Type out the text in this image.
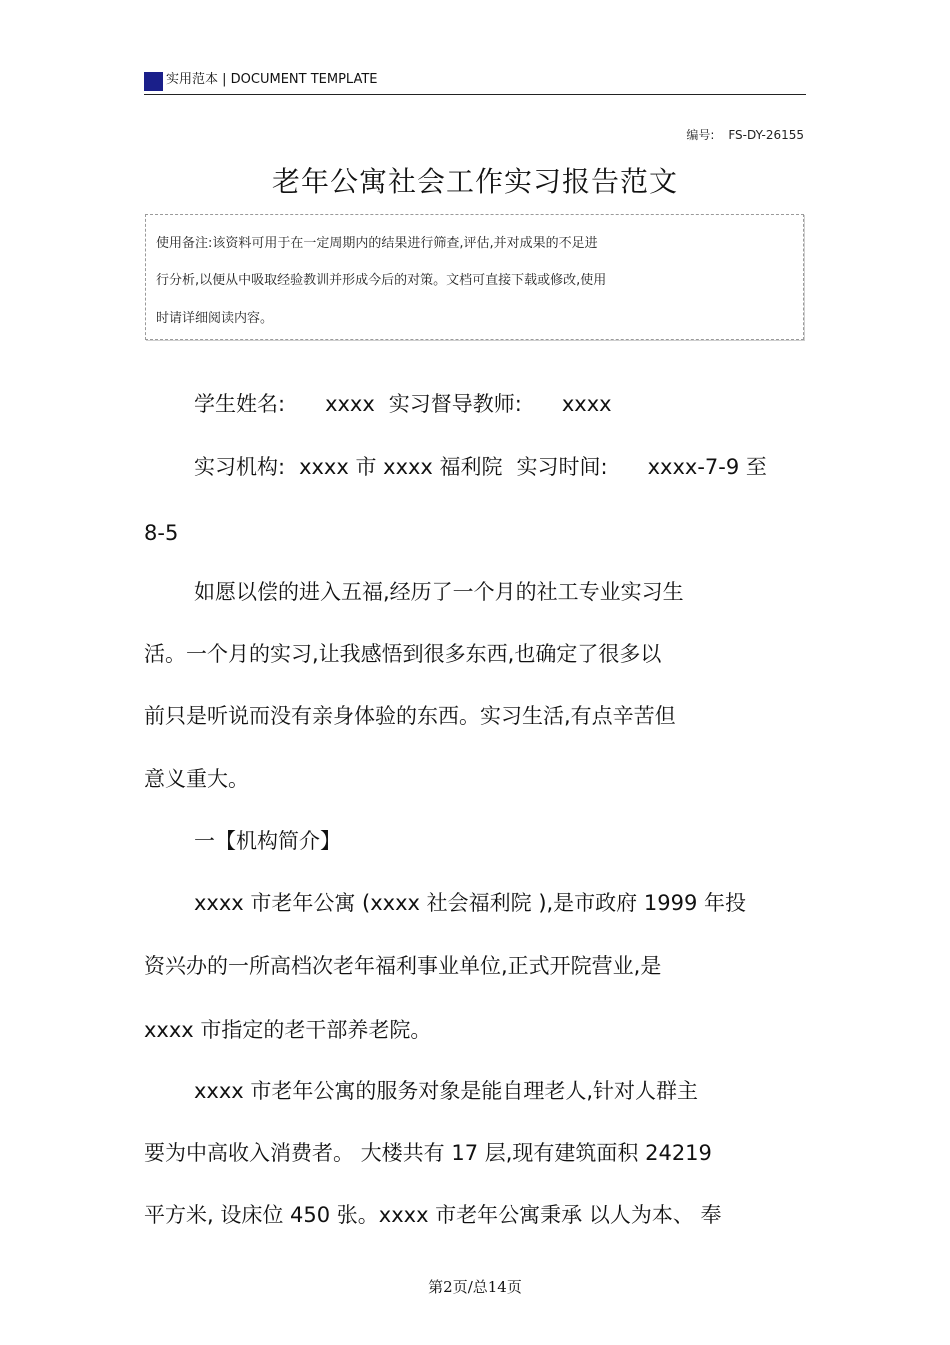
实用范本 | DOCUMENT TEMPLATE
编号: FS-DY-26155
老年公寓社会工作实习报告范文
使用备注:该资料可用于在一定周期内的结果进行筛查,评估,并对成果的不足进
行分析,以便从中吸取经验教训并形成今后的对策。文档可直接下载或修改,使用
时请详细阅读内容。
学生姓名: xxxx 实习督导教师: xxxx
实习机构: xxxx 市 xxxx 福利院 实习时间: xxxx-7-9 至
8-5
如愿以偿的进入五福,经历了一个月的社工专业实习生
活。一个月的实习,让我感悟到很多东西,也确定了很多以
前只是听说而没有亲身体验的东西。实习生活,有点辛苦但
意义重大。
一【机构简介】
xxxx 市老年公寓 (xxxx 社会福利院 ),是市政府 1999 年投
资兴办的一所高档次老年福利事业单位,正式开院营业,是
xxxx 市指定的老干部养老院。
xxxx 市老年公寓的服务对象是能自理老人,针对人群主
要为中高收入消费者。 大楼共有 17 层,现有建筑面积 24219
平方米, 设床位 450 张。xxxx 市老年公寓秉承 以人为本、 奉
第2页/总14页
